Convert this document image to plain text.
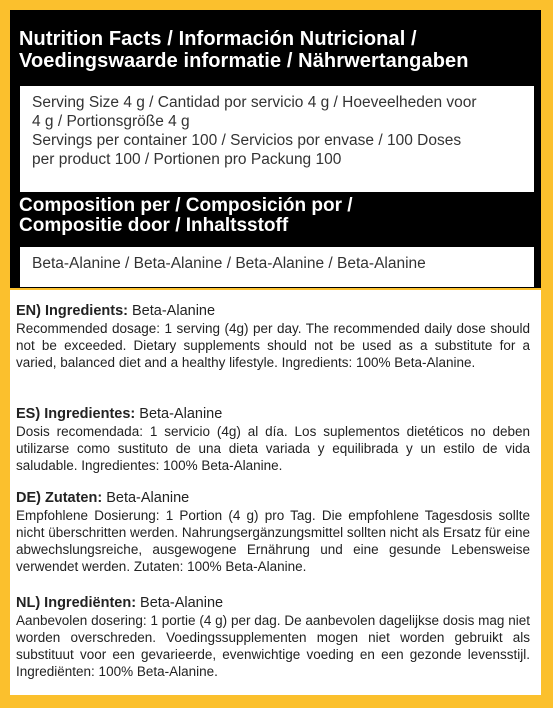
Nutrition Facts / Información Nutricional /
Voedingswaarde informatie / Nährwertangaben
Serving Size 4 g / Cantidad por servicio 4 g / Hoeveelheden voor
4 g / Portionsgröße 4 g
Servings per container 100 / Servicios por envase / 100 Doses
per product 100 / Portionen pro Packung 100
Composition per / Composición por /
Compositie door / Inhaltsstoff
Beta-Alanine / Beta-Alanine / Beta-Alanine / Beta-Alanine
EN) Ingredients: Beta-Alanine
Recommended dosage: 1 serving (4g) per day. The recommended daily dose should not be exceeded. Dietary supplements should not be used as a substitute for a varied, balanced diet and a healthy lifestyle. Ingredients: 100% Beta-Alanine.
ES) Ingredientes: Beta-Alanine
Dosis recomendada: 1 servicio (4g) al día. Los suplementos dietéticos no deben utilizarse como sustituto de una dieta variada y equilibrada y un estilo de vida saludable. Ingredientes: 100% Beta-Alanine.
DE) Zutaten: Beta-Alanine
Empfohlene Dosierung: 1 Portion (4 g) pro Tag. Die empfohlene Tagesdosis sollte nicht überschritten werden. Nahrungsergänzungsmittel sollten nicht als Ersatz für eine abwechslungsreiche, ausgewogene Ernährung und eine gesunde Lebensweise verwendet werden. Zutaten: 100% Beta-Alanine.
NL) Ingrediënten: Beta-Alanine
Aanbevolen dosering: 1 portie (4 g) per dag. De aanbevolen dagelijkse dosis mag niet worden overschreden. Voedingssupplementen mogen niet worden gebruikt als substituut voor een gevarieerde, evenwichtige voeding en een gezonde levensstijl. Ingrediënten: 100% Beta-Alanine.
